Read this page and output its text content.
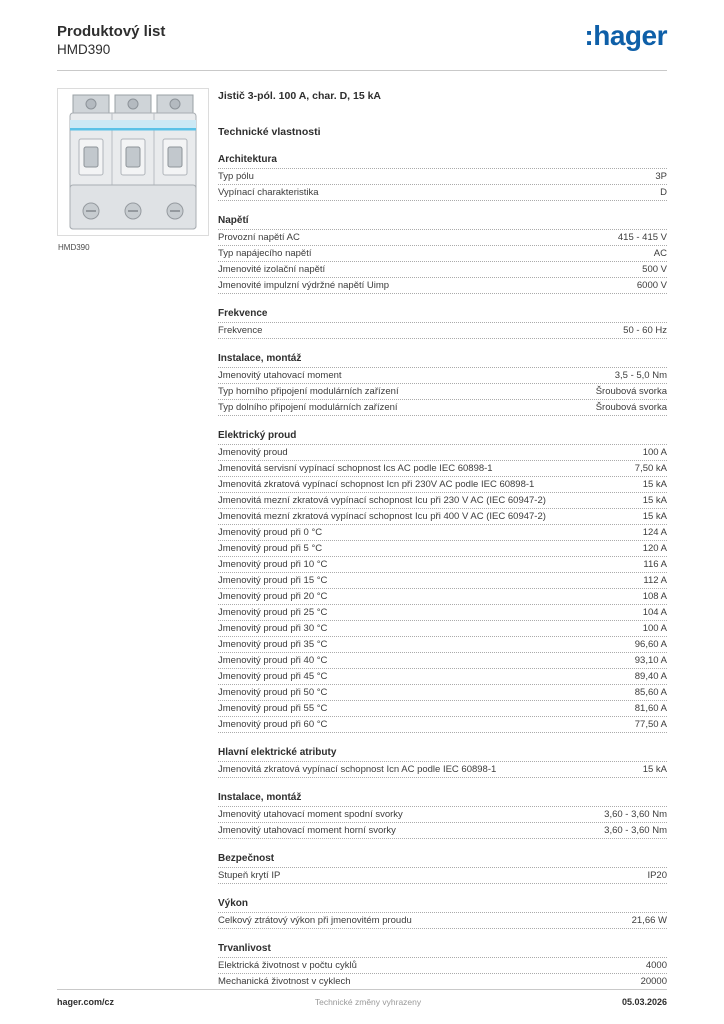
Produktový list
HMD390	:hager
HMD390
Jistič 3-pól. 100 A, char. D, 15 kA
Technické vlastnosti
Architektura
Typ pólu	3P
Vypínací charakteristika	D
Napětí
Provozní napětí AC	415 - 415 V
Typ napájecího napětí	AC
Jmenovité izolační napětí	500 V
Jmenovité impulzní výdržné napětí Uimp	6000 V
Frekvence
Frekvence	50 - 60 Hz
Instalace, montáž
Jmenovitý utahovací moment	3,5 - 5,0 Nm
Typ horního připojení modulárních zařízení	Šroubová svorka
Typ dolního připojení modulárních zařízení	Šroubová svorka
Elektrický proud
Jmenovitý proud	100 A
Jmenovitá servisní vypínací schopnost Ics AC podle IEC 60898-1	7,50 kA
Jmenovitá zkratová vypínací schopnost Icn při 230V AC podle IEC 60898-1	15 kA
Jmenovitá mezní zkratová vypínací schopnost Icu při 230 V AC (IEC 60947-2)	15 kA
Jmenovitá mezní zkratová vypínací schopnost Icu při 400 V AC (IEC 60947-2)	15 kA
Jmenovitý proud při 0 °C	124 A
Jmenovitý proud při 5 °C	120 A
Jmenovitý proud při 10 °C	116 A
Jmenovitý proud při 15 °C	112 A
Jmenovitý proud při 20 °C	108 A
Jmenovitý proud při 25 °C	104 A
Jmenovitý proud při 30 °C	100 A
Jmenovitý proud při 35 °C	96,60 A
Jmenovitý proud při 40 °C	93,10 A
Jmenovitý proud při 45 °C	89,40 A
Jmenovitý proud při 50 °C	85,60 A
Jmenovitý proud při 55 °C	81,60 A
Jmenovitý proud při 60 °C	77,50 A
Hlavní elektrické atributy
Jmenovitá zkratová vypínací schopnost Icn AC podle IEC 60898-1	15 kA
Instalace, montáž
Jmenovitý utahovací moment spodní svorky	3,60 - 3,60 Nm
Jmenovitý utahovací moment horní svorky	3,60 - 3,60 Nm
Bezpečnost
Stupeň krytí IP	IP20
Výkon
Celkový ztrátový výkon při jmenovitém proudu	21,66 W
Trvanlivost
Elektrická životnost v počtu cyklů	4000
Mechanická životnost v cyklech	20000
hager.com/cz	Technické změny vyhrazeny	05.03.2026
